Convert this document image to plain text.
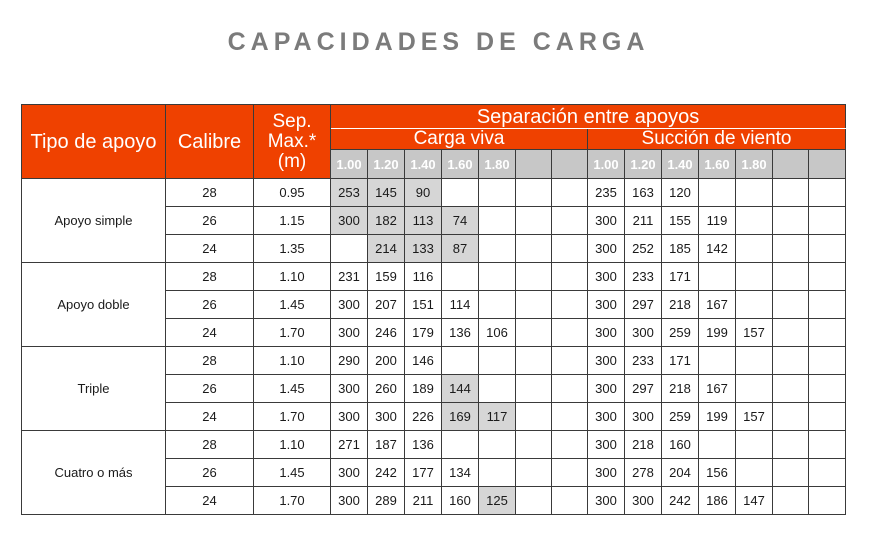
CAPACIDADES DE CARGA
Tipo de apoyo	Calibre	Sep.
Max.*
(m)	Separación entre apoyos													
			Carga viva							Succión de viento						
			1.00	1.20	1.40	1.60	1.80			1.00	1.20	1.40	1.60	1.80		
Apoyo simple	28	0.95	253	145	90					235	163	120				
	26	1.15	300	182	113	74				300	211	155	119			
	24	1.35		214	133	87				300	252	185	142			
Apoyo doble	28	1.10	231	159	116					300	233	171				
	26	1.45	300	207	151	114				300	297	218	167			
	24	1.70	300	246	179	136	106			300	300	259	199	157		
Triple	28	1.10	290	200	146					300	233	171				
	26	1.45	300	260	189	144				300	297	218	167			
	24	1.70	300	300	226	169	117			300	300	259	199	157		
Cuatro o más	28	1.10	271	187	136					300	218	160				
	26	1.45	300	242	177	134				300	278	204	156			
	24	1.70	300	289	211	160	125			300	300	242	186	147		
